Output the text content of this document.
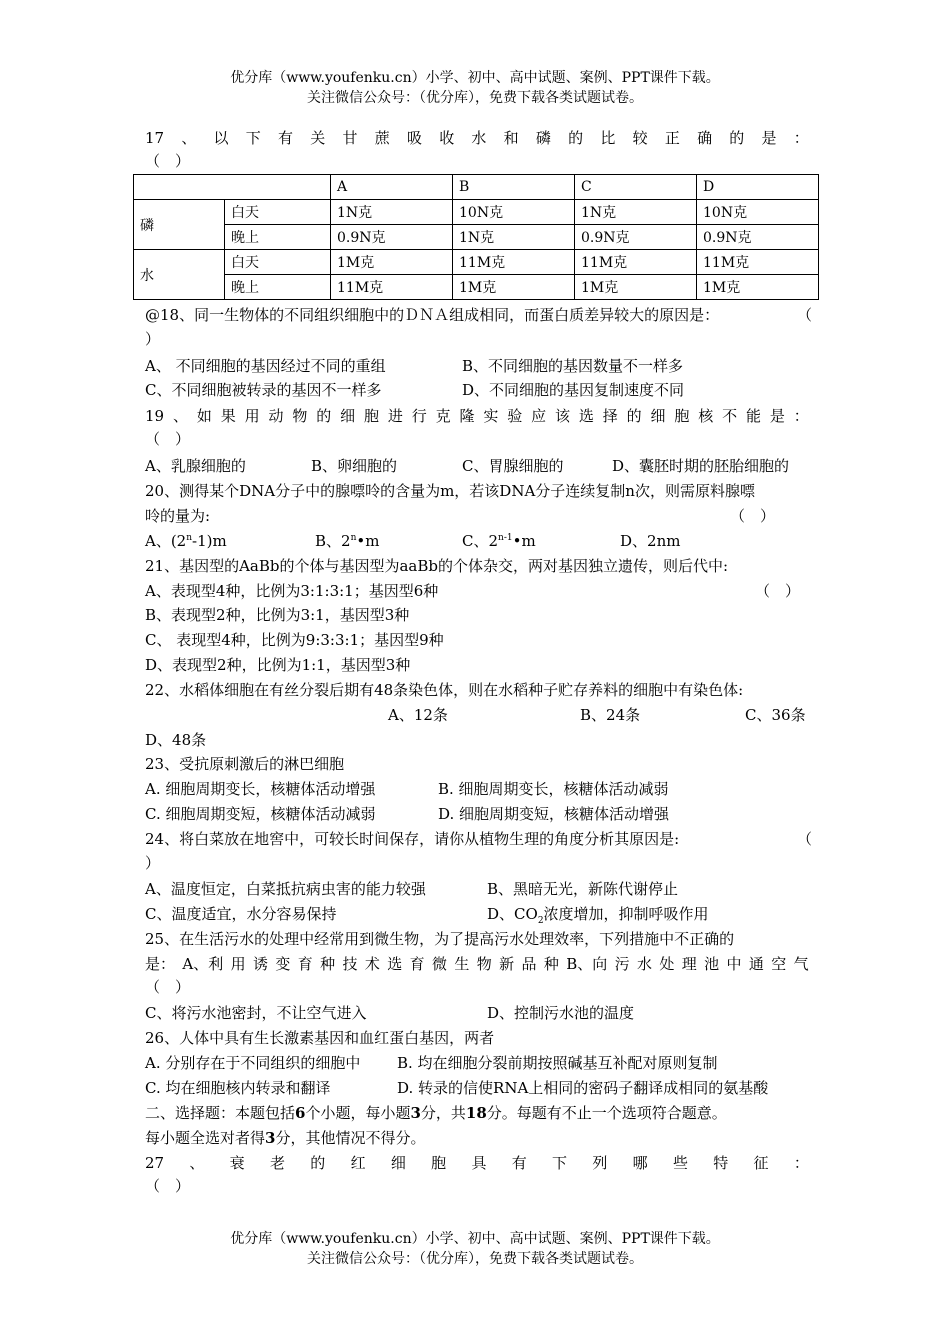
优分库（www.youfenku.cn）小学、初中、高中试题、案例、PPT课件下载。
关注微信公众号：（优分库），免费下载各类试题试卷。
17 、 以 下 有 关 甘 蔗 吸 收 水 和 磷 的 比 较 正 确 的 是 ：
（　）
		A	B	C	D
磷	白天	1N克	10N克	1N克	10N克
	晚上	0.9N克	1N克	0.9N克	0.9N克
水	白天	1M克	11M克	11M克	11M克
	晚上	11M克	1M克	1M克	1M克
@18、同一生物体的不同组织细胞中的ＤＮＡ组成相同，而蛋白质差异较大的原因是：	（
）
A、 不同细胞的基因经过不同的重组	B、不同细胞的基因数量不一样多
C、不同细胞被转录的基因不一样多	D、不同细胞的基因复制速度不同
19 、 如 果 用 动 物 的 细 胞 进 行 克 隆 实 验 应 该 选 择 的 细 胞 核 不 能 是 ：
（　）
A、乳腺细胞的	B、卵细胞的	C、胃腺细胞的	D、囊胚时期的胚胎细胞的
20、测得某个DNA分子中的腺嘌呤的含量为m，若该DNA分子连续复制n次，则需原料腺嘌
呤的量为:	（　）
A、(2$^n$-1)m	B、2$^n$•m	C、2$^{n-1}$•m	D、2nm
21、基因型的AaBb的个体与基因型为aaBb的个体杂交，两对基因独立遗传，则后代中:
A、表现型4种，比例为3:1:3:1；基因型6种	（　）
B、表现型2种，比例为3:1，基因型3种
C、 表现型4种，比例为9:3:3:1；基因型9种
D、表现型2种，比例为1:1，基因型3种
22、水稻体细胞在有丝分裂后期有48条染色体，则在水稻种子贮存养料的细胞中有染色体:
A、12条	B、24条	C、36条
D、48条
23、受抗原刺激后的淋巴细胞
A. 细胞周期变长，核糖体活动增强	B. 细胞周期变长，核糖体活动减弱
C. 细胞周期变短，核糖体活动减弱	D. 细胞周期变短，核糖体活动增强
24、将白菜放在地窖中，可较长时间保存，请你从植物生理的角度分析其原因是:	（
）
A、温度恒定，白菜抵抗病虫害的能力较强	B、黑暗无光，新陈代谢停止
C、温度适宜，水分容易保持	D、$CO_2$浓度增加，抑制呼吸作用
25、在生活污水的处理中经常用到微生物，为了提高污水处理效率，下列措施中不正确的
是： A、利 用 诱 变 育 种 技 术 选 育 微 生 物 新 品 种 B、向 污 水 处 理 池 中 通 空 气
（　）
C、将污水池密封，不让空气进入	D、控制污水池的温度
26、人体中具有生长激素基因和血红蛋白基因，两者
A. 分别存在于不同组织的细胞中 B. 均在细胞分裂前期按照碱基互补配对原则复制
C. 均在细胞核内转录和翻译	D. 转录的信使RNA上相同的密码子翻译成相同的氨基酸
二、选择题：本题包括6个小题，每小题3分，共18分。每题有不止一个选项符合题意。
每小题全选对者得3分，其他情况不得分。
27 、 衰 老 的 红 细 胞 具 有 下 列 哪 些 特 征 ：
（　）
优分库（www.youfenku.cn）小学、初中、高中试题、案例、PPT课件下载。
关注微信公众号：（优分库），免费下载各类试题试卷。
